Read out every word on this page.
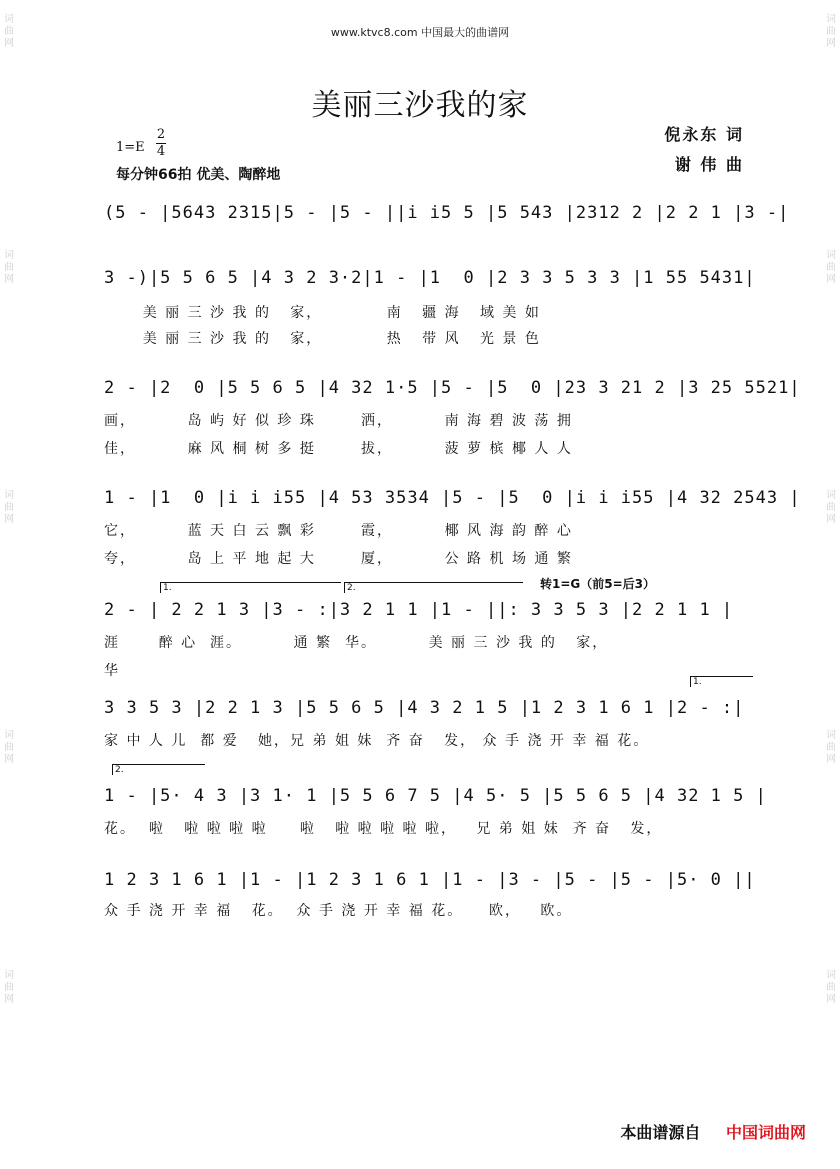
词
曲
网
词
曲
网
词
曲
网
词
曲
网
词
曲
网
词
曲
网
词
曲
网
词
曲
网
词
曲
网
词
曲
网
www.ktvc8.com 中国最大的曲谱网
美丽三沙我的家
1=E
2
4
每分钟66拍 优美、陶醉地
倪永东 词
谢 伟 曲
(5 - |5643 2315|5 - |5 - ||i i5 5 |5 543 |2312 2 |2 2 1 |3 -|
3 -)|5 5 6 5 |4 3 2 3·2|1 - |1  0 |2 3 3 5 3 3 |1 55 5431|
美 丽 三 沙 我 的   家，          南   疆 海   域 美 如
美 丽 三 沙 我 的   家，          热   带 风   光 景 色
2 - |2  0 |5 5 6 5 |4 32 1·5 |5 - |5  0 |23 3 21 2 |3 25 5521|
画，        岛 屿 好 似 珍 珠       洒，        南 海 碧 波 荡 拥
佳，        麻 风 桐 树 多 挺       拔，        菠 萝 槟 椰 人 人
1 - |1  0 |i i i55 |4 53 3534 |5 - |5  0 |i i i55 |4 32 2543 |
它，        蓝 天 白 云 飘 彩       霞，        椰 风 海 韵 醉 心
夸，        岛 上 平 地 起 大       厦，        公 路 机 场 通 繁
1.	2.	转1=G（前5=后3）
2 - | 2 2 1 3 |3 - :|3 2 1 1 |1 - ||: 3 3 5 3 |2 2 1 1 |
涯      醉 心  涯。        通 繁  华。        美 丽 三 沙 我 的   家，
华
1.
3 3 5 3 |2 2 1 3 |5 5 6 5 |4 3 2 1 5 |1 2 3 1 6 1 |2 - :|
家 中 人 儿  都 爱   她，兄 弟 姐 妹  齐 奋   发， 众 手 浇 开 幸 福 花。
2.
1 - |5· 4 3 |3 1· 1 |5 5 6 7 5 |4 5· 5 |5 5 6 5 |4 32 1 5 |
花。  啦   啦 啦 啦 啦     啦   啦 啦 啦 啦 啦，   兄 弟 姐 妹  齐 奋   发，
1 2 3 1 6 1 |1 - |1 2 3 1 6 1 |1 - |3 - |5 - |5 - |5· 0 ||
众 手 浇 开 幸 福   花。  众 手 浇 开 幸 福 花。    欧，   欧。
本曲谱源自 中国词曲网
